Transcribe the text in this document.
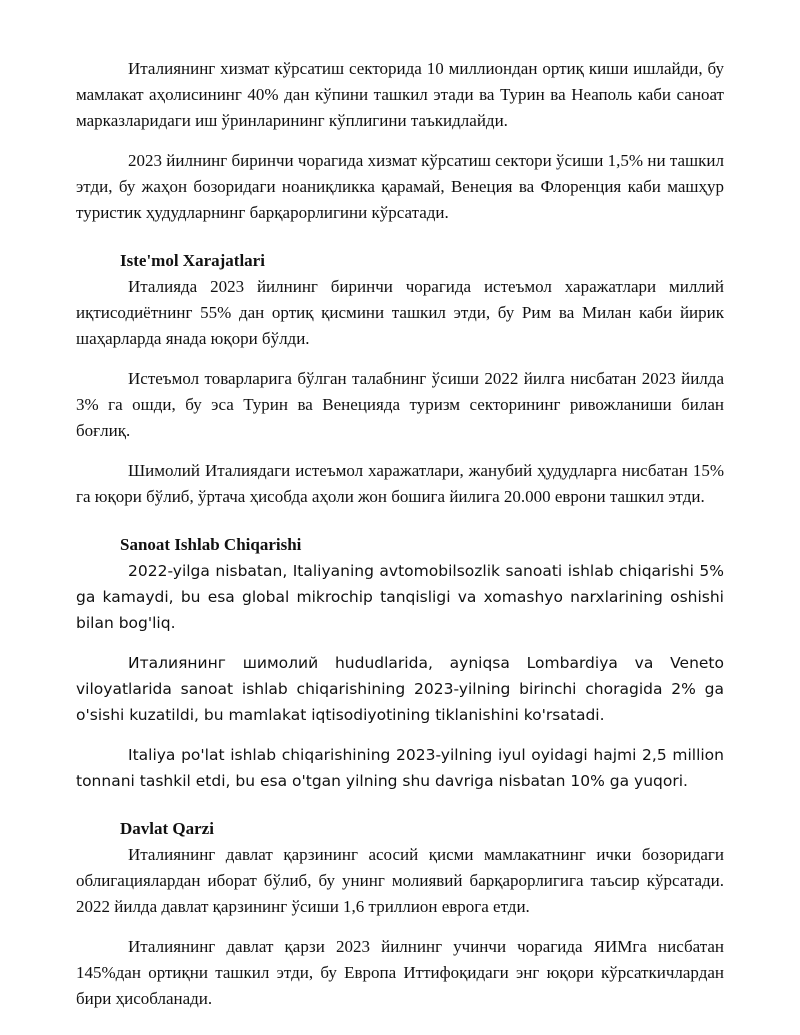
Италиянинг хизмат кўрсатиш секторида 10 миллиондан ортиқ киши ишлайди, бу мамлакат аҳолисининг 40% дан кўпини ташкил этади ва Турин ва Неаполь каби саноат марказларидаги иш ўринларининг кўплигини таъкидлайди.

2023 йилнинг биринчи чорагида хизмат кўрсатиш сектори ўсиши 1,5% ни ташкил этди, бу жаҳон бозоридаги ноаниқликка қарамай, Венеция ва Флоренция каби машҳур туристик ҳудудларнинг барқарорлигини кўрсатади.

Iste'mol Xarajatlari

Италияда 2023 йилнинг биринчи чорагида истеъмол харажатлари миллий иқтисодиётнинг 55% дан ортиқ қисмини ташкил этди, бу Рим ва Милан каби йирик шаҳарларда янада юқори бўлди.

Истеъмол товарларига бўлган талабнинг ўсиши 2022 йилга нисбатан 2023 йилда 3% га ошди, бу эса Турин ва Венецияда туризм секторининг ривожланиши билан боғлиқ.

Шимолий Италиядаги истеъмол харажатлари, жанубий ҳудудларга нисбатан 15% га юқори бўлиб, ўртача ҳисобда аҳоли жон бошига йилига 20.000 еврони ташкил этди.

Sanoat Ishlab Chiqarishi

2022-yilga nisbatan, Italiyaning avtomobilsozlik sanoati ishlab chiqarishi 5% ga kamaydi, bu esa global mikrochip tanqisligi va xomashyo narxlarining oshishi bilan bog'liq.

Италиянинг шимолий hududlarida, ayniqsa Lombardiya va Veneto viloyatlarida sanoat ishlab chiqarishining 2023-yilning birinchi choragida 2% ga o'sishi kuzatildi, bu mamlakat iqtisodiyotining tiklanishini ko'rsatadi.

Italiya po'lat ishlab chiqarishining 2023-yilning iyul oyidagi hajmi 2,5 million tonnani tashkil etdi, bu esa o'tgan yilning shu davriga nisbatan 10% ga yuqori.

Davlat Qarzi

Италиянинг давлат қарзининг асосий қисми мамлакатнинг ички бозоридаги облигациялардан иборат бўлиб, бу унинг молиявий барқарорлигига таъсир кўрсатади. 2022 йилда давлат қарзининг ўсиши 1,6 триллион еврога етди.

Италиянинг давлат қарзи 2023 йилнинг учинчи чорагида ЯИМга нисбатан 145%дан ортиқни ташкил этди, бу Европа Иттифоқидаги энг юқори кўрсаткичлардан бири ҳисобланади.
